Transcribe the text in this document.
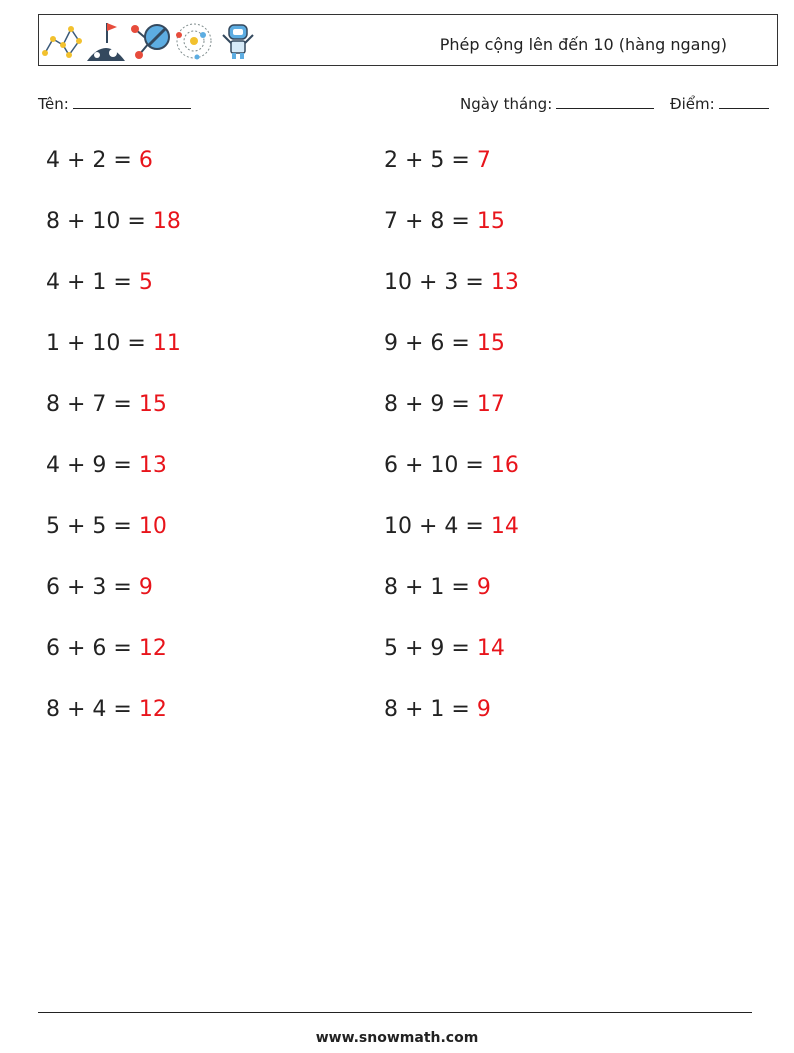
Phép cộng lên đến 10 (hàng ngang)
Tên:	Ngày tháng:	Điểm:
4 + 2 = 6
8 + 10 = 18
4 + 1 = 5
1 + 10 = 11
8 + 7 = 15
4 + 9 = 13
5 + 5 = 10
6 + 3 = 9
6 + 6 = 12
8 + 4 = 12
2 + 5 = 7
7 + 8 = 15
10 + 3 = 13
9 + 6 = 15
8 + 9 = 17
6 + 10 = 16
10 + 4 = 14
8 + 1 = 9
5 + 9 = 14
8 + 1 = 9
www.snowmath.com
